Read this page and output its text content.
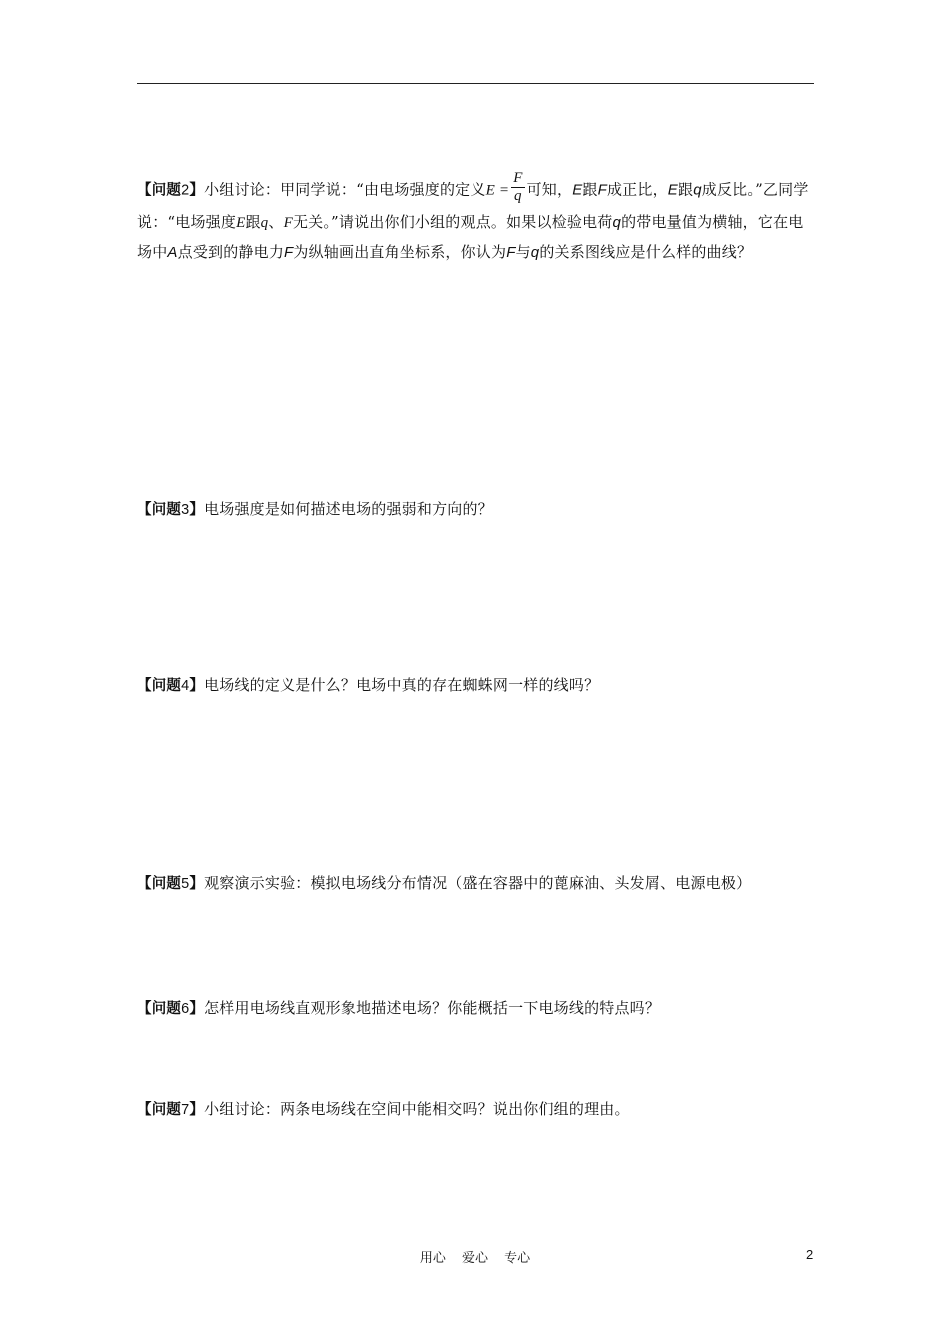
【问题2】小组讨论：甲同学说：“由电场强度的定义$E = \frac{F}{q}$ 可知，E跟F成正比，E跟q成反比。”乙同学说：“电场强度E跟q、F无关。”请说出你们小组的观点。如果以检验电荷q的带电量值为横轴，它在电场中A点受到的静电力F为纵轴画出直角坐标系，你认为F与q的关系图线应是什么样的曲线？
【问题3】电场强度是如何描述电场的强弱和方向的？
【问题4】电场线的定义是什么？电场中真的存在蜘蛛网一样的线吗？
【问题5】观察演示实验：模拟电场线分布情况（盛在容器中的蓖麻油、头发屑、电源电极）
【问题6】怎样用电场线直观形象地描述电场？你能概括一下电场线的特点吗？
【问题7】小组讨论：两条电场线在空间中能相交吗？说出你们组的理由。
用心 爱心 专心	2
